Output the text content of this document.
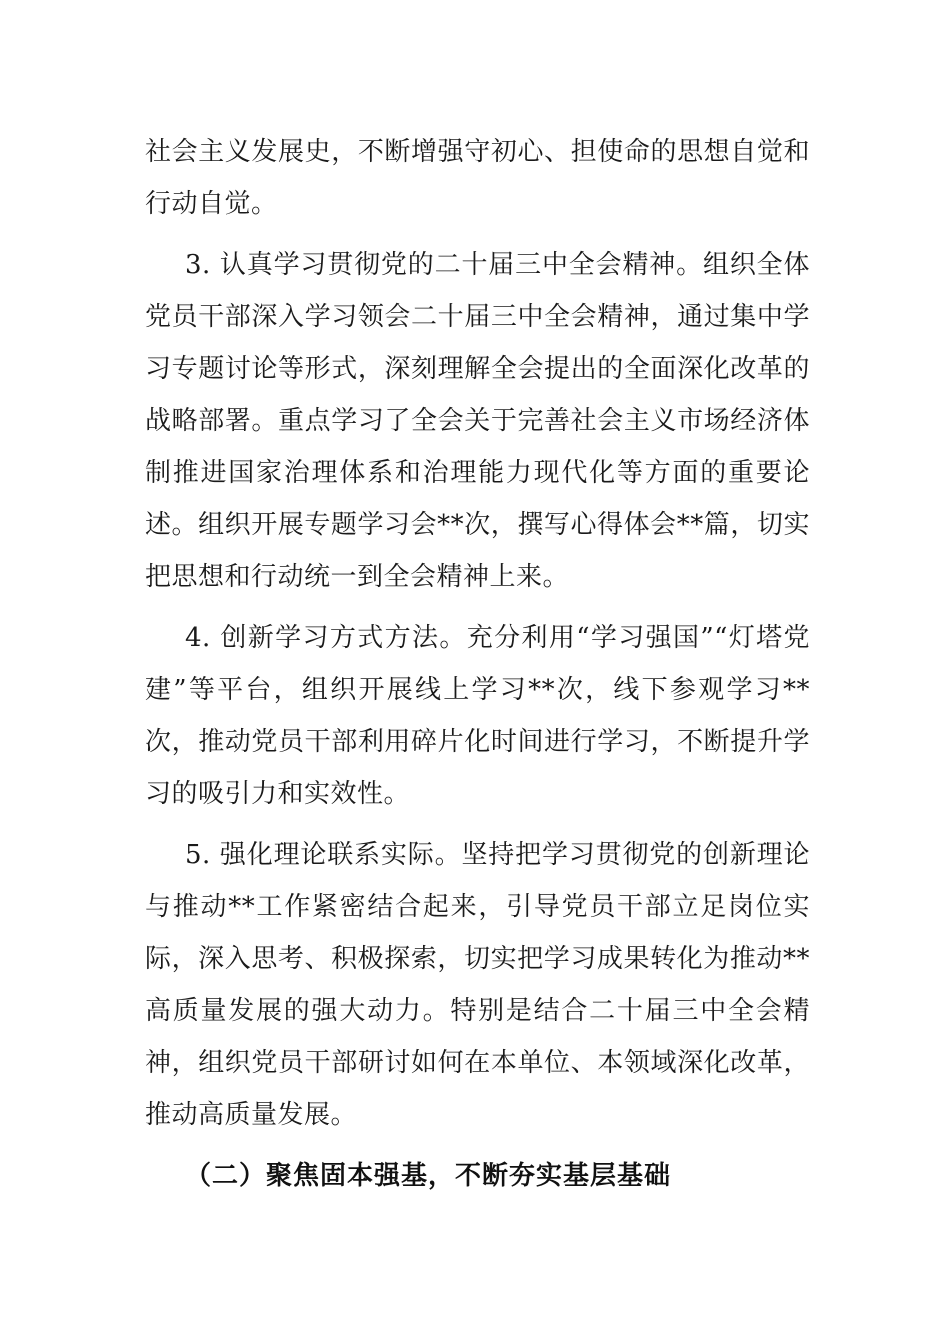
社会主义发展史，不断增强守初心、担使命的思想自觉和行动自觉。

3. 认真学习贯彻党的二十届三中全会精神。组织全体党员干部深入学习领会二十届三中全会精神，通过集中学习专题讨论等形式，深刻理解全会提出的全面深化改革的战略部署。重点学习了全会关于完善社会主义市场经济体制推进国家治理体系和治理能力现代化等方面的重要论述。组织开展专题学习会**次，撰写心得体会**篇，切实把思想和行动统一到全会精神上来。

4. 创新学习方式方法。充分利用“学习强国”“灯塔党建”等平台，组织开展线上学习**次，线下参观学习**次，推动党员干部利用碎片化时间进行学习，不断提升学习的吸引力和实效性。

5. 强化理论联系实际。坚持把学习贯彻党的创新理论与推动**工作紧密结合起来，引导党员干部立足岗位实际，深入思考、积极探索，切实把学习成果转化为推动**高质量发展的强大动力。特别是结合二十届三中全会精神，组织党员干部研讨如何在本单位、本领域深化改革，推动高质量发展。

（二）聚焦固本强基，不断夯实基层基础
